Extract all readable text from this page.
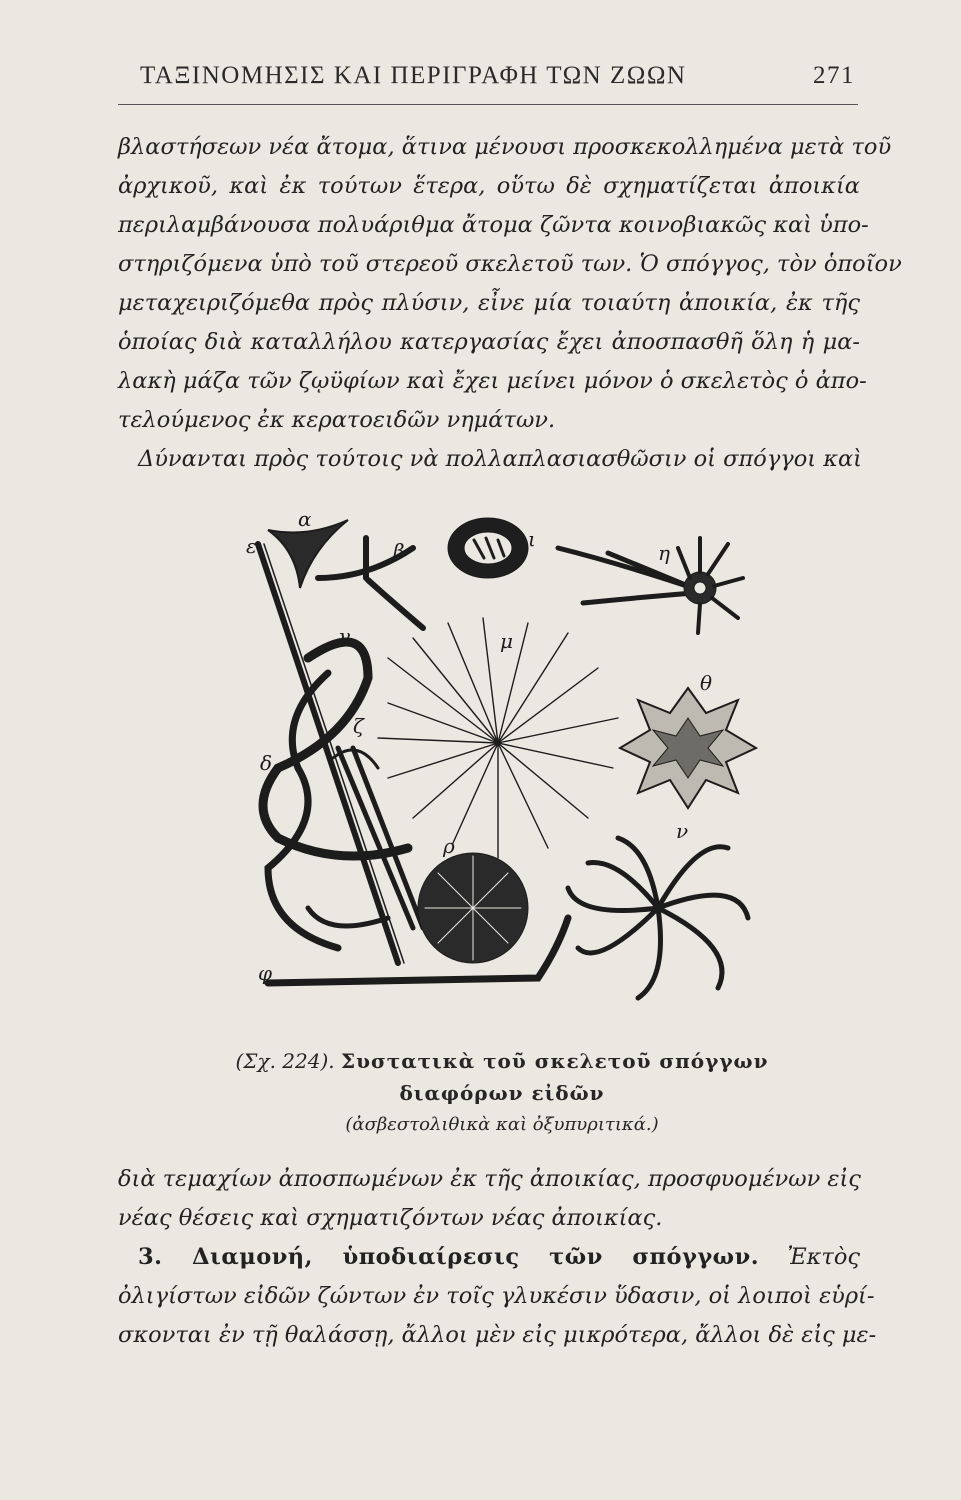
ΤΑΞΙΝΟΜΗΣΙΣ ΚΑΙ ΠΕΡΙΓΡΑΦΗ ΤΩΝ ΖΩΩΝ	271
βλαστήσεων νέα ἄτομα, ἅτινα μένουσι προσκεκολλημένα μετὰ τοῦ
ἀρχικοῦ, καὶ ἐκ τούτων ἕτερα, οὕτω δὲ σχηματίζεται ἀποικία
περιλαμβάνουσα πολυάριθμα ἄτομα ζῶντα κοινοβιακῶς καὶ ὑπο-
στηριζόμενα ὑπὸ τοῦ στερεοῦ σκελετοῦ των. Ὁ σπόγγος, τὸν ὁποῖον
μεταχειριζόμεθα πρὸς πλύσιν, εἶνε μία τοιαύτη ἀποικία, ἐκ τῆς
ὁποίας διὰ καταλλήλου κατεργασίας ἔχει ἀποσπασθῆ ὅλη ἡ μα-
λακὴ μάζα τῶν ζῳϋφίων καὶ ἔχει μείνει μόνον ὁ σκελετὸς ὁ ἀπο-
τελούμενος ἐκ κερατοειδῶν νημάτων.
Δύνανται πρὸς τούτοις νὰ πολλαπλασιασθῶσιν οἱ σπόγγοι καὶ
α
β
γ
δ
ε
ζ
η
θ
ι
μ
ν
ρ
φ
(Σχ. 224). Συστατικὰ τοῦ σκελετοῦ σπόγγων
διαφόρων εἰδῶν
(ἀσβεστολιθικὰ καὶ ὀξυπυριτικά.)
διὰ τεμαχίων ἀποσπωμένων ἐκ τῆς ἀποικίας, προσφυομένων εἰς
νέας θέσεις καὶ σχηματιζόντων νέας ἀποικίας.
3. Διαμονή, ὑποδιαίρεσις τῶν σπόγγων. Ἐκτὸς
ὀλιγίστων εἰδῶν ζώντων ἐν τοῖς γλυκέσιν ὕδασιν, οἱ λοιποὶ εὑρί-
σκονται ἐν τῇ θαλάσσῃ, ἄλλοι μὲν εἰς μικρότερα, ἄλλοι δὲ εἰς με-
